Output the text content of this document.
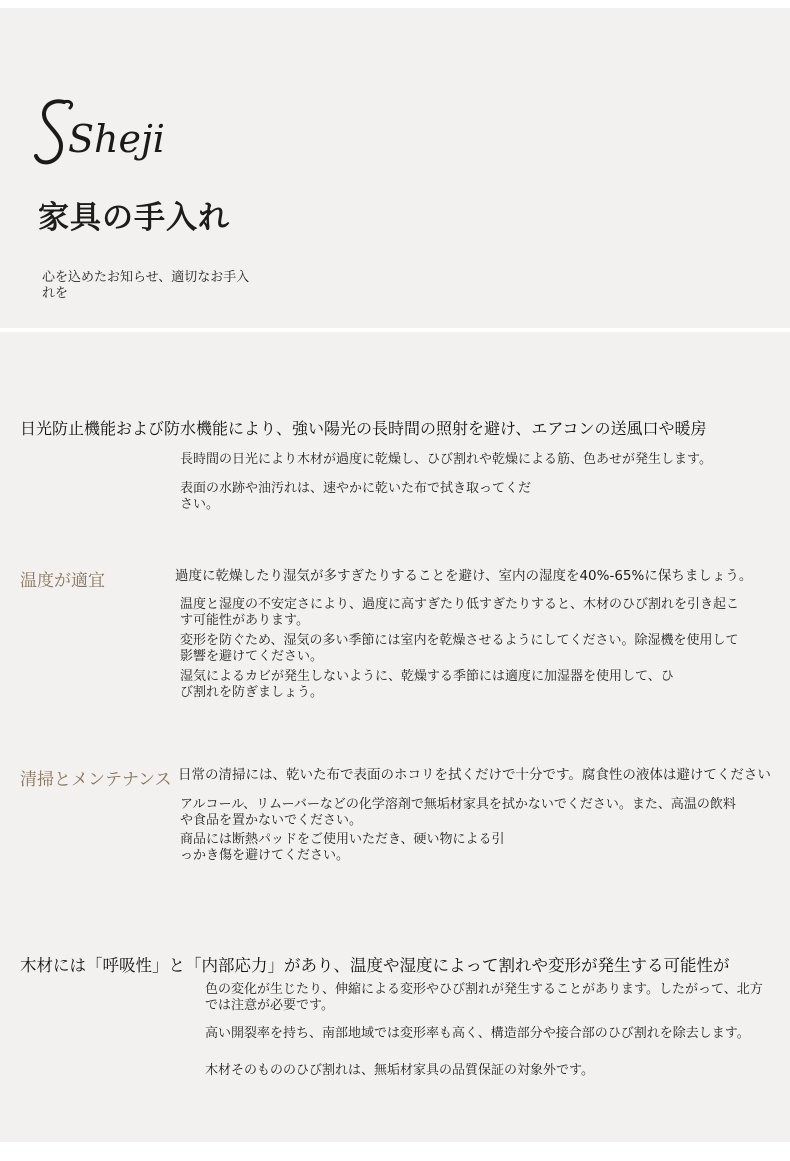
Sheji
家具の手入れ

心を込めたお知らせ、適切なお手入れを

日光防止機能および防水機能により、強い陽光の長時間の照射を避け、エアコンの送風口や暖房

長時間の日光により木材が過度に乾燥し、ひび割れや乾燥による筋、色あせが発生します。

表面の水跡や油汚れは、速やかに乾いた布で拭き取ってください。

温度が適宜	過度に乾燥したり湿気が多すぎたりすることを避け、室内の湿度を40%-65%に保ちましょう。

温度と湿度の不安定さにより、過度に高すぎたり低すぎたりすると、木材のひび割れを引き起こす可能性があります。

変形を防ぐため、湿気の多い季節には室内を乾燥させるようにしてください。除湿機を使用して影響を避けてください。

湿気によるカビが発生しないように、乾燥する季節には適度に加湿器を使用して、ひび割れを防ぎましょう。

清掃とメンテナンス 日常の清掃には、乾いた布で表面のホコリを拭くだけで十分です。腐食性の液体は避けてください

アルコール、リムーバーなどの化学溶剤で無垢材家具を拭かないでください。また、高温の飲料や食品を置かないでください。

商品には断熱パッドをご使用いただき、硬い物による引っかき傷を避けてください。

木材には「呼吸性」と「内部応力」があり、温度や湿度によって割れや変形が発生する可能性が

色の変化が生じたり、伸縮による変形やひび割れが発生することがあります。したがって、北方では注意が必要です。

高い開裂率を持ち、南部地域では変形率も高く、構造部分や接合部のひび割れを除去します。

木材そのもののひび割れは、無垢材家具の品質保証の対象外です。
